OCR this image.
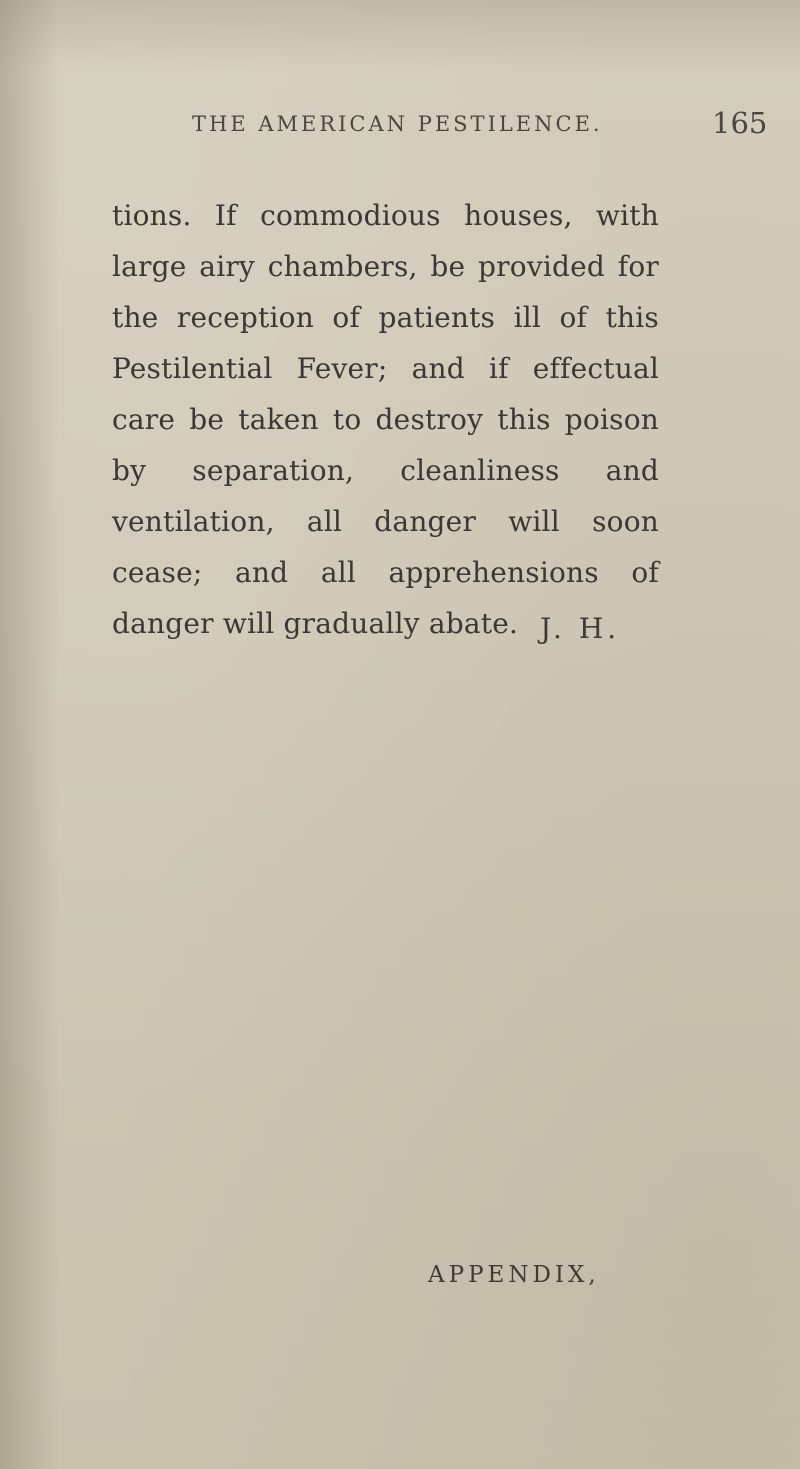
THE AMERICAN PESTILENCE.	165

tions. If commodious houses, with large airy chambers, be provided for the reception of patients ill of this Pestilential Fever; and if effectual care be taken to destroy this poison by separation, cleanliness and ventilation, all danger will soon cease; and all apprehensions of danger will gradually abate. J. H.
APPENDIX,
